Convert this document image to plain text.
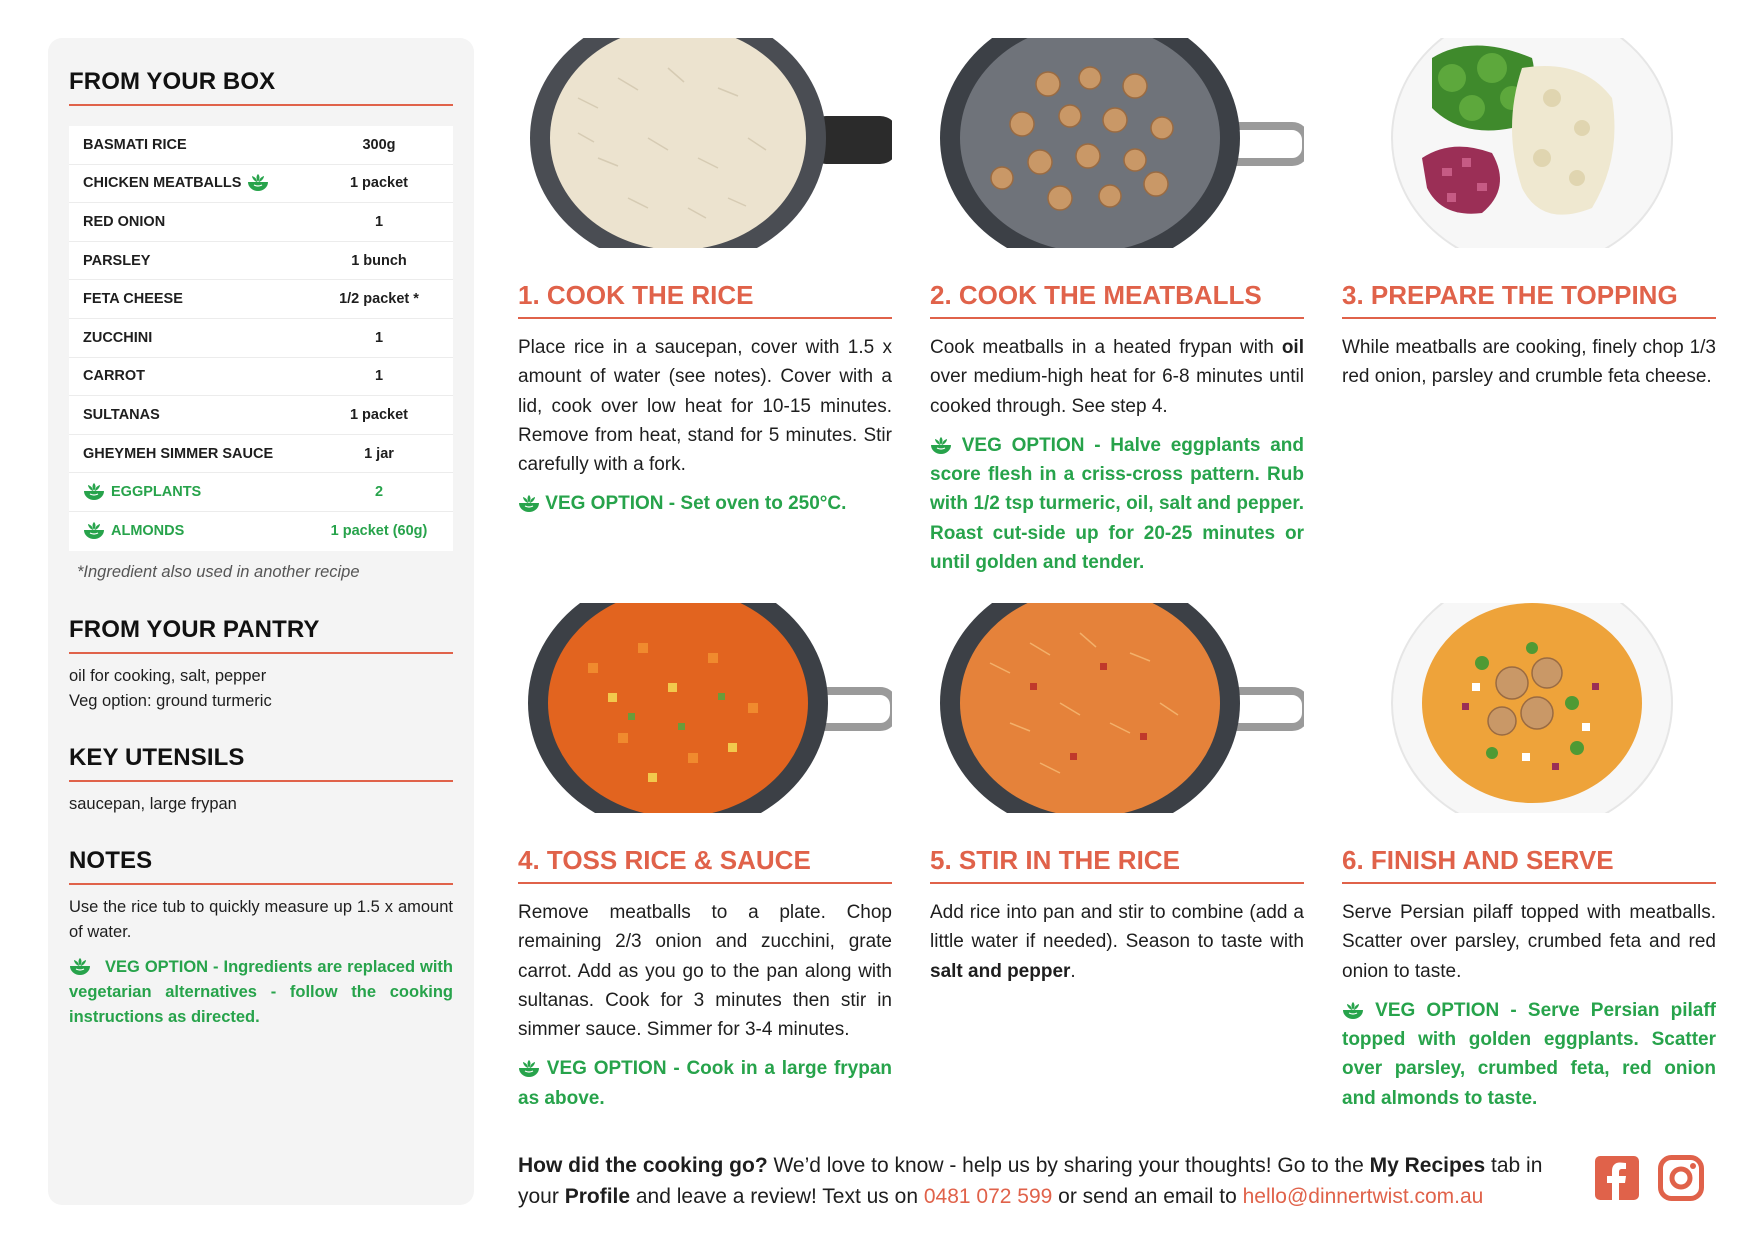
FROM YOUR BOX
BASMATI RICE	300g
CHICKEN MEATBALLS	1 packet
RED ONION	1
PARSLEY	1 bunch
FETA CHEESE	1/2 packet *
ZUCCHINI	1
CARROT	1
SULTANAS	1 packet
GHEYMEH SIMMER SAUCE	1 jar
EGGPLANTS	2
ALMONDS	1 packet (60g)
*Ingredient also used in another recipe
FROM YOUR PANTRY
oil for cooking, salt, pepper
Veg option: ground turmeric
KEY UTENSILS
saucepan, large frypan
NOTES
Use the rice tub to quickly measure up 1.5 x amount of water.
VEG OPTION - Ingredients are replaced with vegetarian alternatives - follow the cooking instructions as directed.
1. COOK THE RICE
Place rice in a saucepan, cover with 1.5 x amount of water (see notes). Cover with a lid, cook over low heat for 10-15 minutes. Remove from heat, stand for 5 minutes. Stir carefully with a fork.
VEG OPTION - Set oven to 250°C.
2. COOK THE MEATBALLS
Cook meatballs in a heated frypan with oil over medium-high heat for 6-8 minutes until cooked through. See step 4.
VEG OPTION - Halve eggplants and score flesh in a criss-cross pattern. Rub with 1/2 tsp turmeric, oil, salt and pepper. Roast cut-side up for 20-25 minutes or until golden and tender.
3. PREPARE THE TOPPING
While meatballs are cooking, finely chop 1/3 red onion, parsley and crumble feta cheese.
4. TOSS RICE & SAUCE
Remove meatballs to a plate. Chop remaining 2/3 onion and zucchini, grate carrot. Add as you go to the pan along with sultanas. Cook for 3 minutes then stir in simmer sauce. Simmer for 3-4 minutes.
VEG OPTION - Cook in a large frypan as above.
5. STIR IN THE RICE
Add rice into pan and stir to combine (add a little water if needed). Season to taste with salt and pepper.
6. FINISH AND SERVE
Serve Persian pilaff topped with meatballs. Scatter over parsley, crumbed feta and red onion to taste.
VEG OPTION - Serve Persian pilaff topped with golden eggplants. Scatter over parsley, crumbed feta, red onion and almonds to taste.
How did the cooking go? We’d love to know - help us by sharing your thoughts! Go to the My Recipes tab in your Profile and leave a review! Text us on 0481 072 599 or send an email to hello@dinnertwist.com.au
